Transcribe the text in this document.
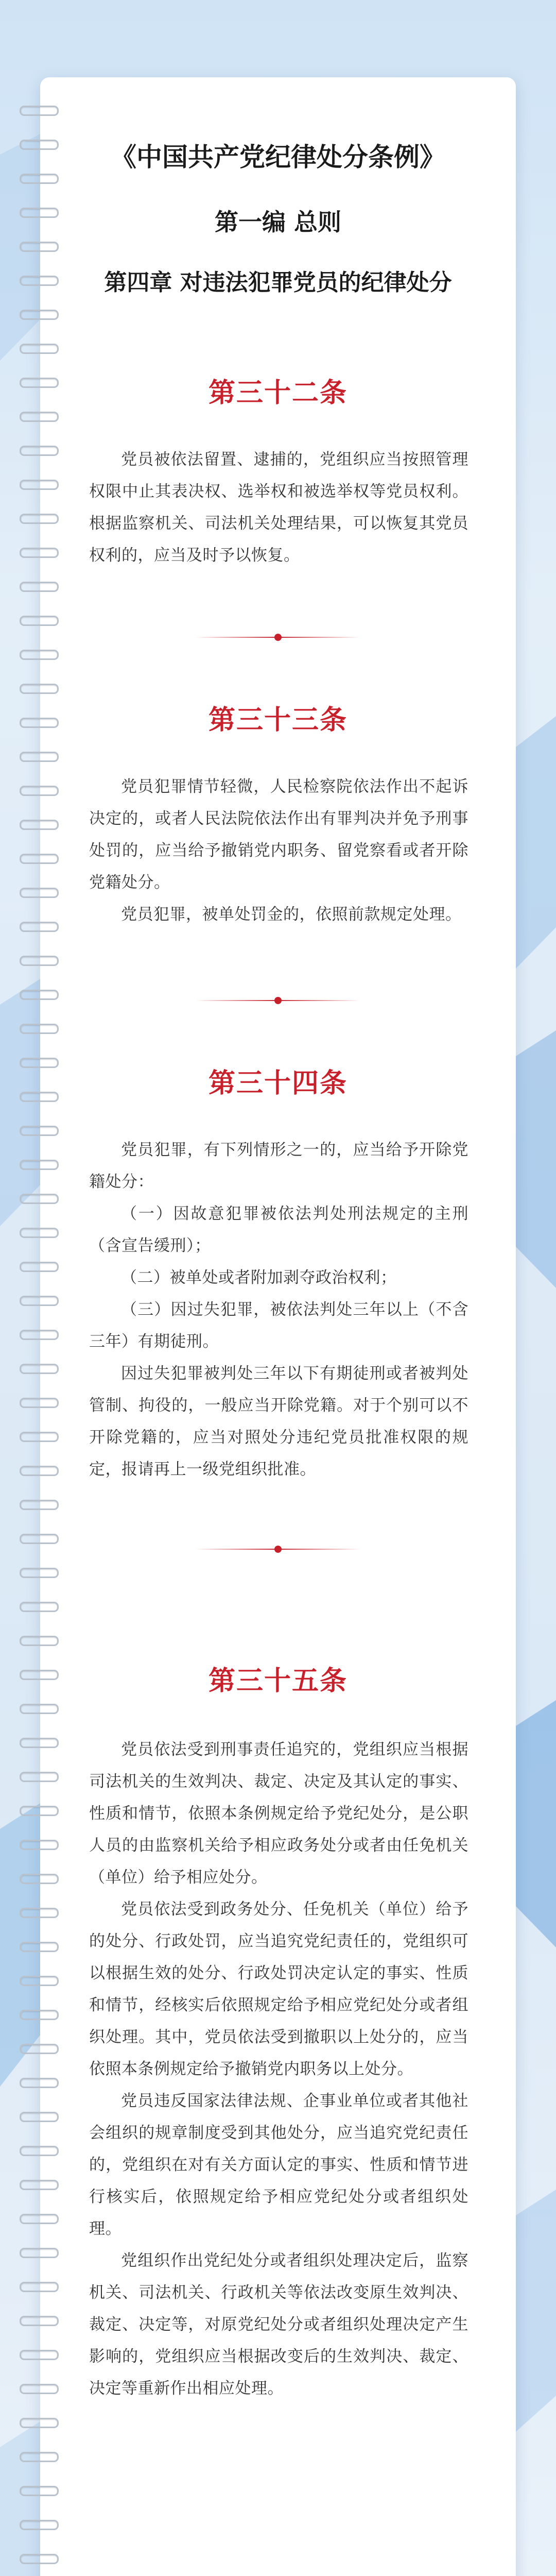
《中国共产党纪律处分条例》
第一编 总则
第四章 对违法犯罪党员的纪律处分
第三十二条

党员被依法留置、逮捕的，党组织应当按照管理权限中止其表决权、选举权和被选举权等党员权利。根据监察机关、司法机关处理结果，可以恢复其党员权利的，应当及时予以恢复。

第三十三条

党员犯罪情节轻微，人民检察院依法作出不起诉决定的，或者人民法院依法作出有罪判决并免予刑事处罚的，应当给予撤销党内职务、留党察看或者开除党籍处分。

党员犯罪，被单处罚金的，依照前款规定处理。

第三十四条

党员犯罪，有下列情形之一的，应当给予开除党籍处分：

（一）因故意犯罪被依法判处刑法规定的主刑（含宣告缓刑）；

（二）被单处或者附加剥夺政治权利；

（三）因过失犯罪，被依法判处三年以上（不含三年）有期徒刑。

因过失犯罪被判处三年以下有期徒刑或者被判处管制、拘役的，一般应当开除党籍。对于个别可以不开除党籍的，应当对照处分违纪党员批准权限的规定，报请再上一级党组织批准。

第三十五条

党员依法受到刑事责任追究的，党组织应当根据司法机关的生效判决、裁定、决定及其认定的事实、性质和情节，依照本条例规定给予党纪处分，是公职人员的由监察机关给予相应政务处分或者由任免机关（单位）给予相应处分。

党员依法受到政务处分、任免机关（单位）给予的处分、行政处罚，应当追究党纪责任的，党组织可以根据生效的处分、行政处罚决定认定的事实、性质和情节，经核实后依照规定给予相应党纪处分或者组织处理。其中，党员依法受到撤职以上处分的，应当依照本条例规定给予撤销党内职务以上处分。

党员违反国家法律法规、企事业单位或者其他社会组织的规章制度受到其他处分，应当追究党纪责任的，党组织在对有关方面认定的事实、性质和情节进行核实后，依照规定给予相应党纪处分或者组织处理。

党组织作出党纪处分或者组织处理决定后，监察机关、司法机关、行政机关等依法改变原生效判决、裁定、决定等，对原党纪处分或者组织处理决定产生影响的，党组织应当根据改变后的生效判决、裁定、决定等重新作出相应处理。
